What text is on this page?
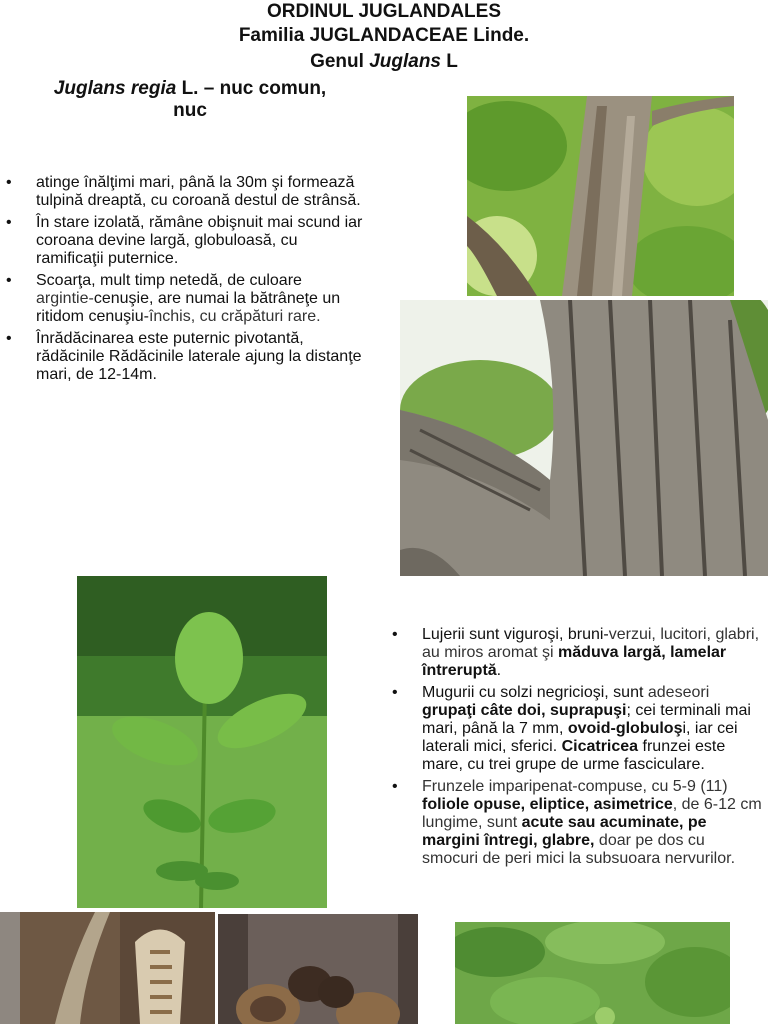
ORDINUL JUGLANDALES
Familia JUGLANDACEAE Linde.
Genul Juglans L
Juglans regia L. – nuc comun,
nuc
• atinge înălţimi mari, până la 30m şi formează tulpină dreaptă, cu coroană destul de strânsă.
• În stare izolată, rămâne obişnuit mai scund iar coroana devine largă, globuloasă, cu ramificaţii puternice.
• Scoarţa, mult timp netedă, de culoare argintie-cenuşie, are numai la bătrâneţe un ritidom cenuşiu-închis, cu crăpături rare.
• Înrădăcinarea este puternic pivotantă, rădăcinile Rădăcinile laterale ajung la distanţe mari, de 12-14m.
• Lujerii sunt viguroşi, bruni-verzui, lucitori, glabri, au miros aromat şi măduva largă, lamelar întreruptă.
• Mugurii cu solzi negricioşi, sunt adeseori grupaţi câte doi, suprapuşi; cei terminali mai mari, până la 7 mm, ovoid-globuloşi, iar cei laterali mici, sferici. Cicatricea frunzei este mare, cu trei grupe de urme fasciculare.
• Frunzele imparipenat-compuse, cu 5-9 (11) foliole opuse, eliptice, asimetrice, de 6-12 cm lungime, sunt acute sau acuminate, pe margini întregi, glabre, doar pe dos cu smocuri de peri mici la subsuoara nervurilor.
